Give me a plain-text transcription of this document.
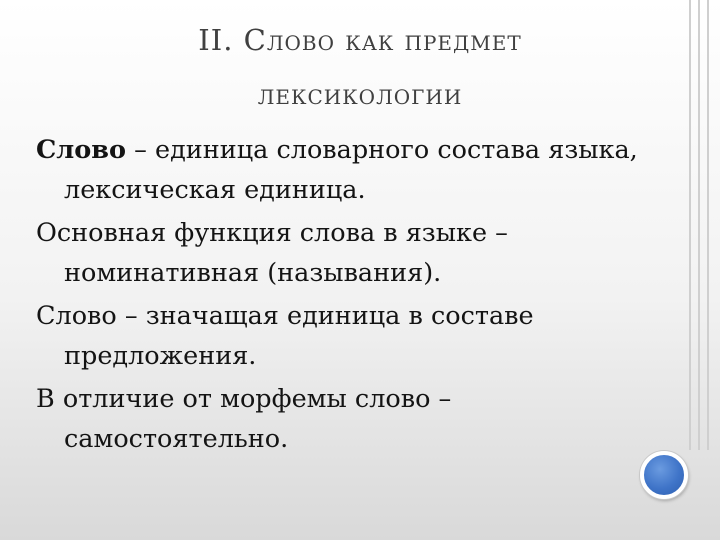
II. Слово как предмет
лексикологии

Слово – единица словарного состава языка, лексическая единица.

Основная функция слова в языке – номинативная (называния).

Слово – значащая единица в составе предложения.

В отличие от морфемы слово – самостоятельно.
